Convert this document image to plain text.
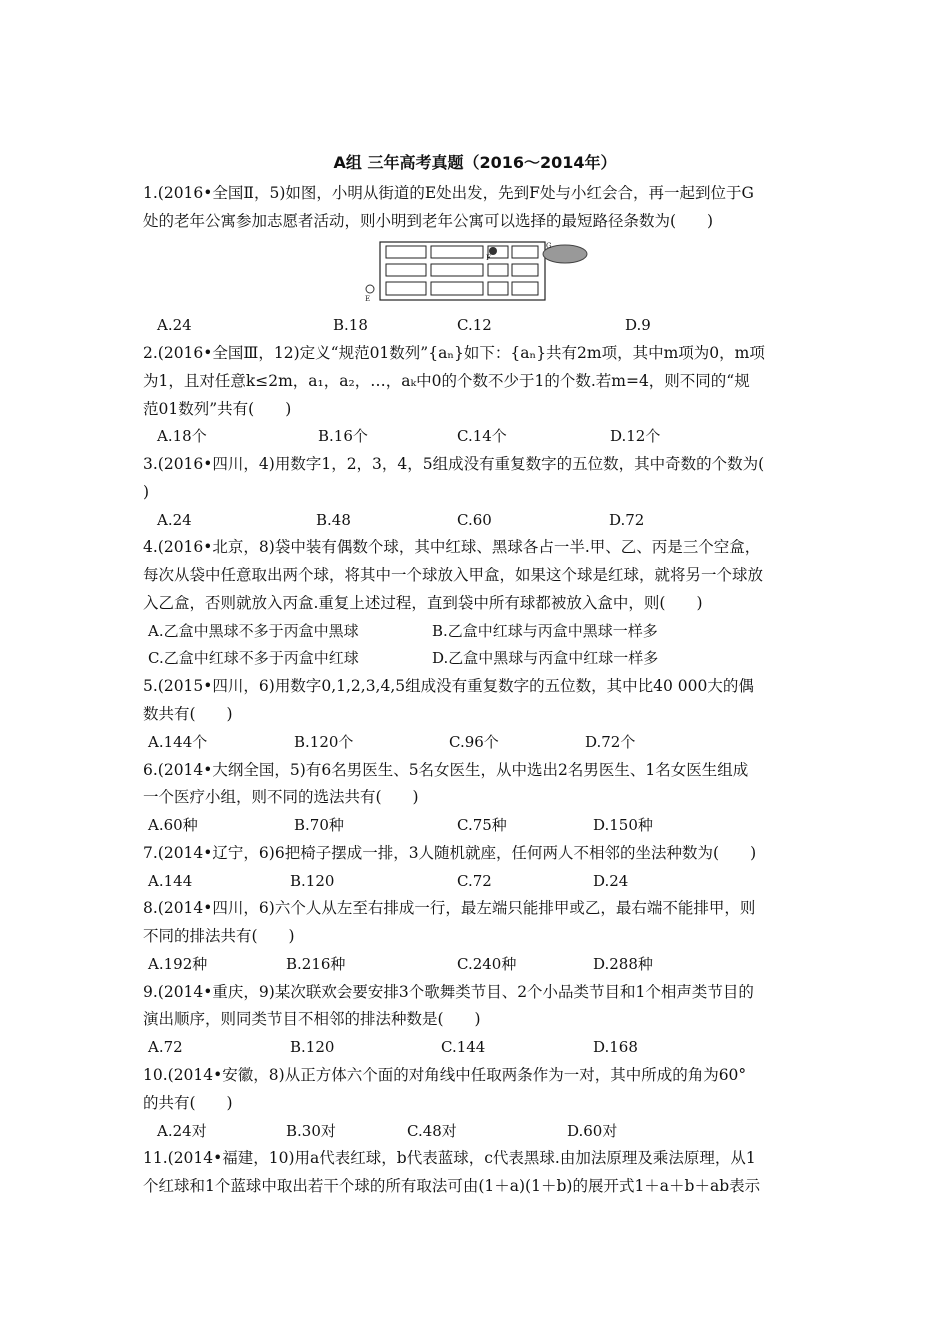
A组 三年高考真题（2016～2014年）
1.(2016•全国Ⅱ，5)如图，小明从街道的E处出发，先到F处与小红会合，再一起到位于G
处的老年公寓参加志愿者活动，则小明到老年公寓可以选择的最短路径条数为(　　)
E
F
G
A.24	B.18	C.12	D.9
2.(2016•全国Ⅲ，12)定义“规范01数列”{aₙ}如下：{aₙ}共有2m项，其中m项为0，m项
为1，且对任意k≤2m，a₁，a₂，…，aₖ中0的个数不少于1的个数.若m=4，则不同的“规
范01数列”共有(　　)
A.18个	B.16个	C.14个	D.12个
3.(2016•四川，4)用数字1，2，3，4，5组成没有重复数字的五位数，其中奇数的个数为(
)
A.24	B.48	C.60	D.72
4.(2016•北京，8)袋中装有偶数个球，其中红球、黑球各占一半.甲、乙、丙是三个空盒，
每次从袋中任意取出两个球，将其中一个球放入甲盒，如果这个球是红球，就将另一个球放
入乙盒，否则就放入丙盒.重复上述过程，直到袋中所有球都被放入盒中，则(　　)
A.乙盒中黑球不多于丙盒中黑球	B.乙盒中红球与丙盒中黑球一样多
C.乙盒中红球不多于丙盒中红球	D.乙盒中黑球与丙盒中红球一样多
5.(2015•四川，6)用数字0,1,2,3,4,5组成没有重复数字的五位数，其中比40 000大的偶
数共有(　　)
A.144个	B.120个	C.96个	D.72个
6.(2014•大纲全国，5)有6名男医生、5名女医生，从中选出2名男医生、1名女医生组成
一个医疗小组，则不同的选法共有(　　)
A.60种	B.70种	C.75种	D.150种
7.(2014•辽宁，6)6把椅子摆成一排，3人随机就座，任何两人不相邻的坐法种数为(　　)
A.144	B.120	C.72	D.24
8.(2014•四川，6)六个人从左至右排成一行，最左端只能排甲或乙，最右端不能排甲，则
不同的排法共有(　　)
A.192种	B.216种	C.240种	D.288种
9.(2014•重庆，9)某次联欢会要安排3个歌舞类节目、2个小品类节目和1个相声类节目的
演出顺序，则同类节目不相邻的排法种数是(　　)
A.72	B.120	C.144	D.168
10.(2014•安徽，8)从正方体六个面的对角线中任取两条作为一对，其中所成的角为60°
的共有(　　)
A.24对	B.30对	C.48对	D.60对
11.(2014•福建，10)用a代表红球，b代表蓝球，c代表黑球.由加法原理及乘法原理，从1
个红球和1个蓝球中取出若干个球的所有取法可由(1＋a)(1＋b)的展开式1＋a＋b＋ab表示
